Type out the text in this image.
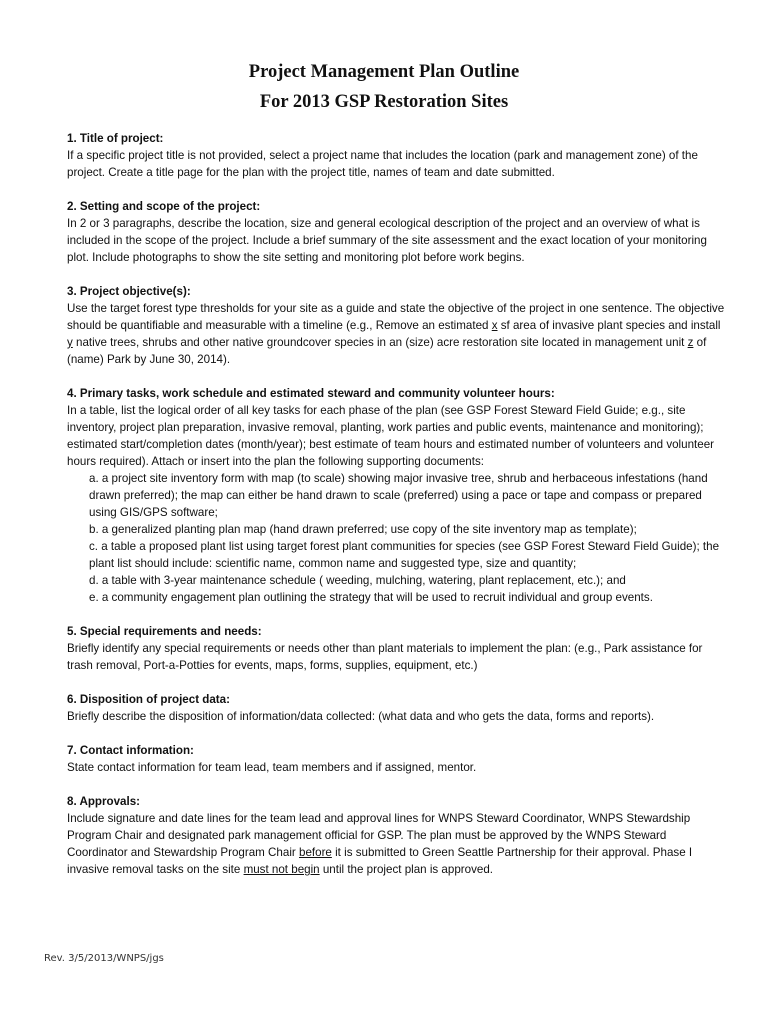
Project Management Plan Outline
For 2013 GSP Restoration Sites
1. Title of project:

If a specific project title is not provided, select a project name that includes the location (park and management zone) of the project. Create a title page for the plan with the project title, names of team and date submitted.

2. Setting and scope of the project:

In 2 or 3 paragraphs, describe the location, size and general ecological description of the project and an overview of what is included in the scope of the project. Include a brief summary of the site assessment and the exact location of your monitoring plot. Include photographs to show the site setting and monitoring plot before work begins.

3. Project objective(s):

Use the target forest type thresholds for your site as a guide and state the objective of the project in one sentence. The objective should be quantifiable and measurable with a timeline (e.g., Remove an estimated x sf area of invasive plant species and install y native trees, shrubs and other native groundcover species in an (size) acre restoration site located in management unit z of (name) Park by June 30, 2014).

4. Primary tasks, work schedule and estimated steward and community volunteer hours:

In a table, list the logical order of all key tasks for each phase of the plan (see GSP Forest Steward Field Guide; e.g., site inventory, project plan preparation, invasive removal, planting, work parties and public events, maintenance and monitoring); estimated start/completion dates (month/year); best estimate of team hours and estimated number of volunteers and volunteer hours required). Attach or insert into the plan the following supporting documents:

a. a project site inventory form with map (to scale) showing major invasive tree, shrub and herbaceous infestations (hand drawn preferred); the map can either be hand drawn to scale (preferred) using a pace or tape and compass or prepared using GIS/GPS software;
b. a generalized planting plan map (hand drawn preferred; use copy of the site inventory map as template);
c. a table a proposed plant list using target forest plant communities for species (see GSP Forest Steward Field Guide); the plant list should include: scientific name, common name and suggested type, size and quantity;
d. a table with 3-year maintenance schedule ( weeding, mulching, watering, plant replacement, etc.); and
e. a community engagement plan outlining the strategy that will be used to recruit individual and group events.
5. Special requirements and needs:

Briefly identify any special requirements or needs other than plant materials to implement the plan: (e.g., Park assistance for trash removal, Port-a-Potties for events, maps, forms, supplies, equipment, etc.)

6. Disposition of project data:

Briefly describe the disposition of information/data collected: (what data and who gets the data, forms and reports).

7. Contact information:

State contact information for team lead, team members and if assigned, mentor.

8. Approvals:

Include signature and date lines for the team lead and approval lines for WNPS Steward Coordinator, WNPS Stewardship Program Chair and designated park management official for GSP. The plan must be approved by the WNPS Steward Coordinator and Stewardship Program Chair before it is submitted to Green Seattle Partnership for their approval. Phase I invasive removal tasks on the site must not begin until the project plan is approved.

Rev. 3/5/2013/WNPS/jgs
